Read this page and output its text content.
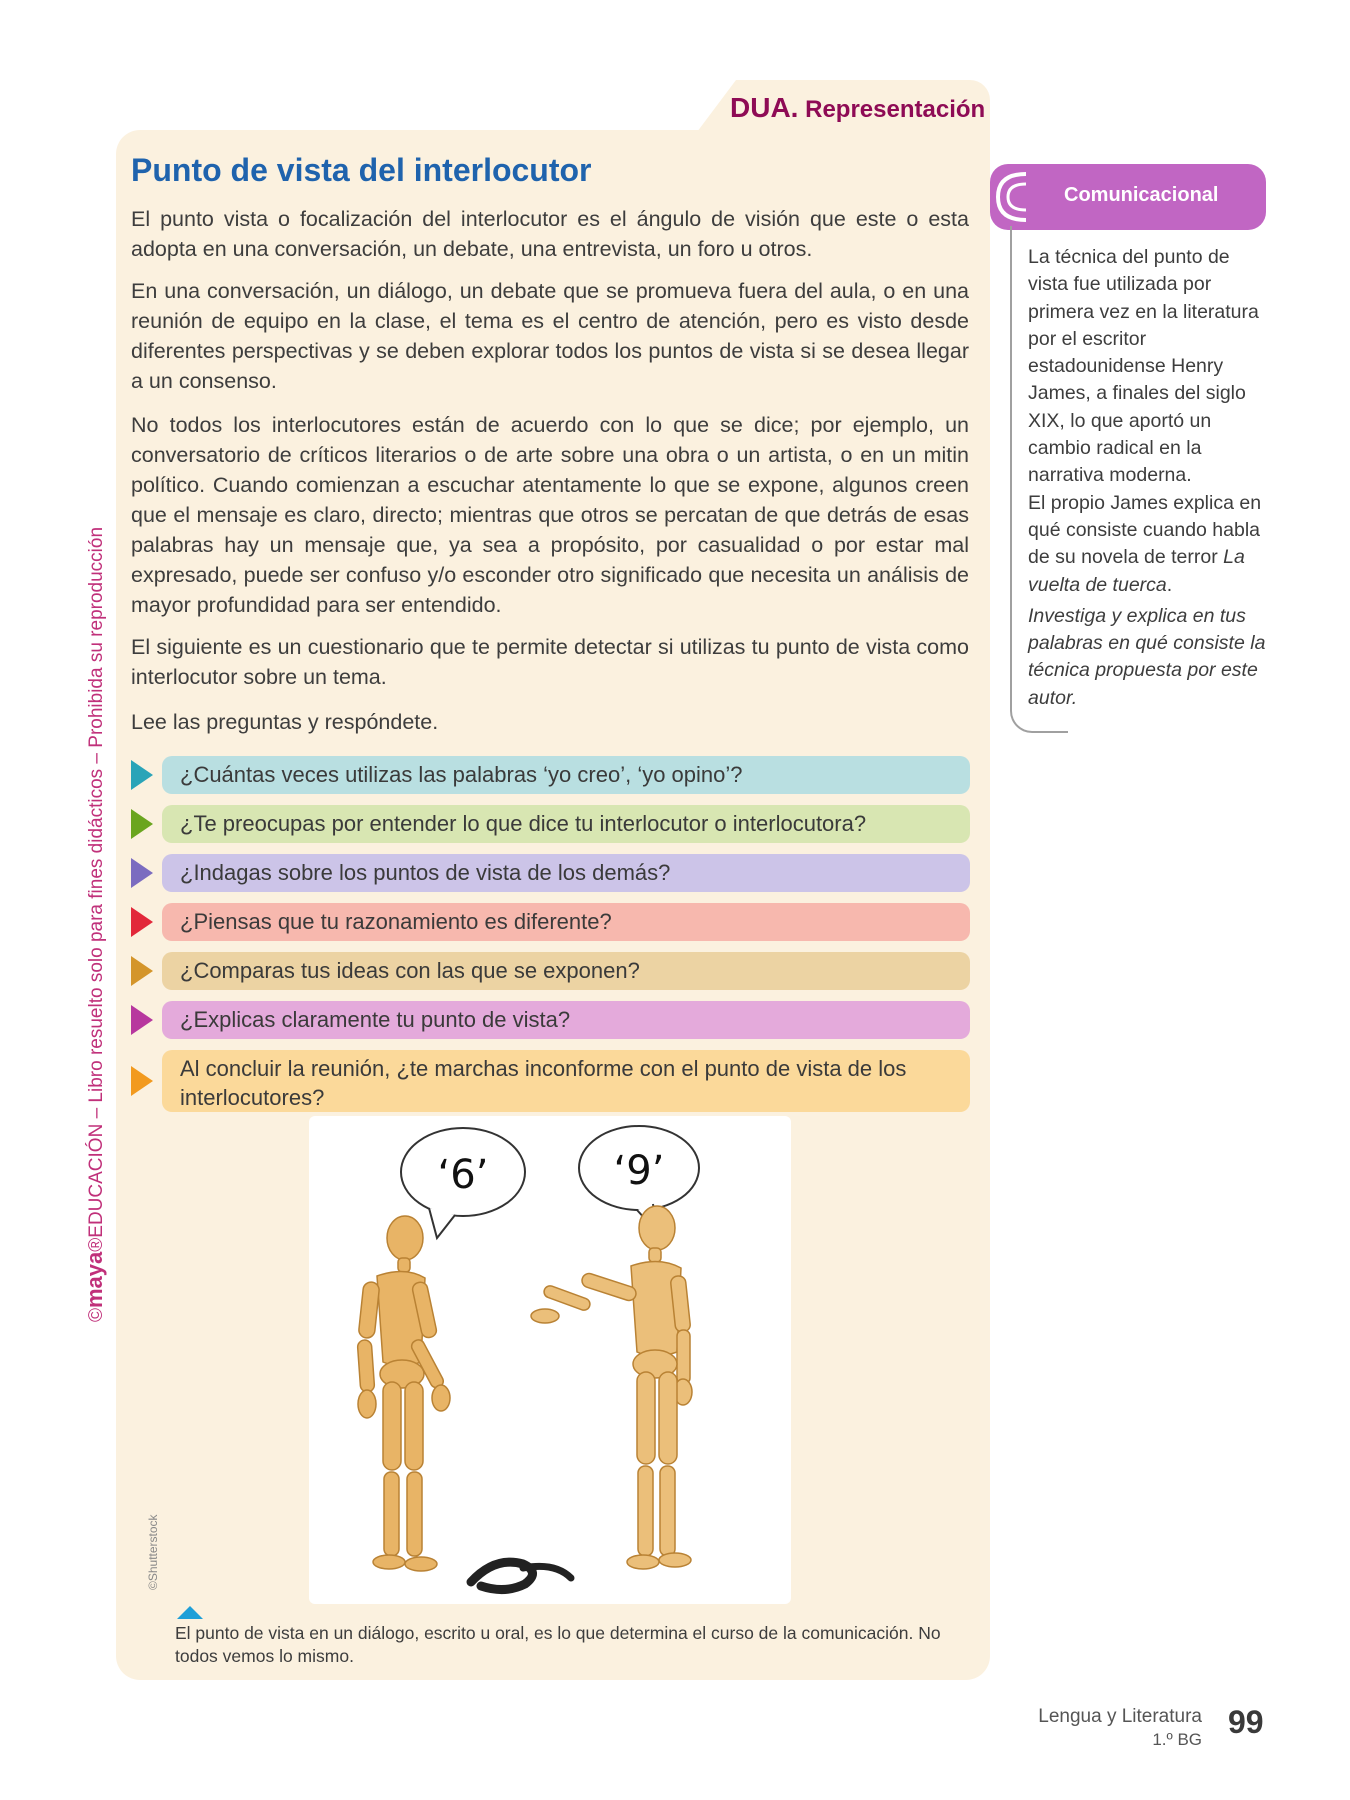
DUA. Representación
Punto de vista del interlocutor
El punto vista o focalización del interlocutor es el ángulo de visión que este o esta adopta en una conversación, un debate, una entrevista, un foro u otros.
En una conversación, un diálogo, un debate que se promueva fuera del aula, o en una reunión de equipo en la clase, el tema es el centro de atención, pero es visto desde diferentes perspectivas y se deben explorar todos los puntos de vista si se desea llegar a un consenso.
No todos los interlocutores están de acuerdo con lo que se dice; por ejemplo, un conversatorio de críticos literarios o de arte sobre una obra o un artista, o en un mitin político. Cuando comienzan a escuchar atentamente lo que se expone, algunos creen que el mensaje es claro, directo; mientras que otros se percatan de que detrás de esas palabras hay un mensaje que, ya sea a propósito, por casualidad o por estar mal expresado, puede ser confuso y/o esconder otro significado que necesita un análisis de mayor profundidad para ser entendido.
El siguiente es un cuestionario que te permite detectar si utilizas tu punto de vista como interlocutor sobre un tema.
Lee las preguntas y respóndete.
¿Cuántas veces utilizas las palabras ‘yo creo’, ‘yo opino’?
¿Te preocupas por entender lo que dice tu interlocutor o interlocutora?
¿Indagas sobre los puntos de vista de los demás?
¿Piensas que tu razonamiento es diferente?
¿Comparas tus ideas con las que se exponen?
¿Explicas claramente tu punto de vista?
Al concluir la reunión, ¿te marchas inconforme con el punto de vista de los interlocutores?
‘6’	‘9’
©Shutterstock
El punto de vista en un diálogo, escrito u oral, es lo que determina el curso de la comunicación. No todos vemos lo mismo.
Comunicacional

La técnica del punto de vista fue utilizada por primera vez en la literatura por el escritor estadounidense Henry James, a finales del siglo XIX, lo que aportó un cambio radical en la narrativa moderna.

El propio James explica en qué consiste cuando habla de su novela de terror La vuelta de tuerca.

Investiga y explica en tus palabras en qué consiste la técnica propuesta por este autor.

©maya®EDUCACIÓN – Libro resuelto solo para fines didácticos – Prohibida su reproducción
Lengua y Literatura
1.º BG 99
